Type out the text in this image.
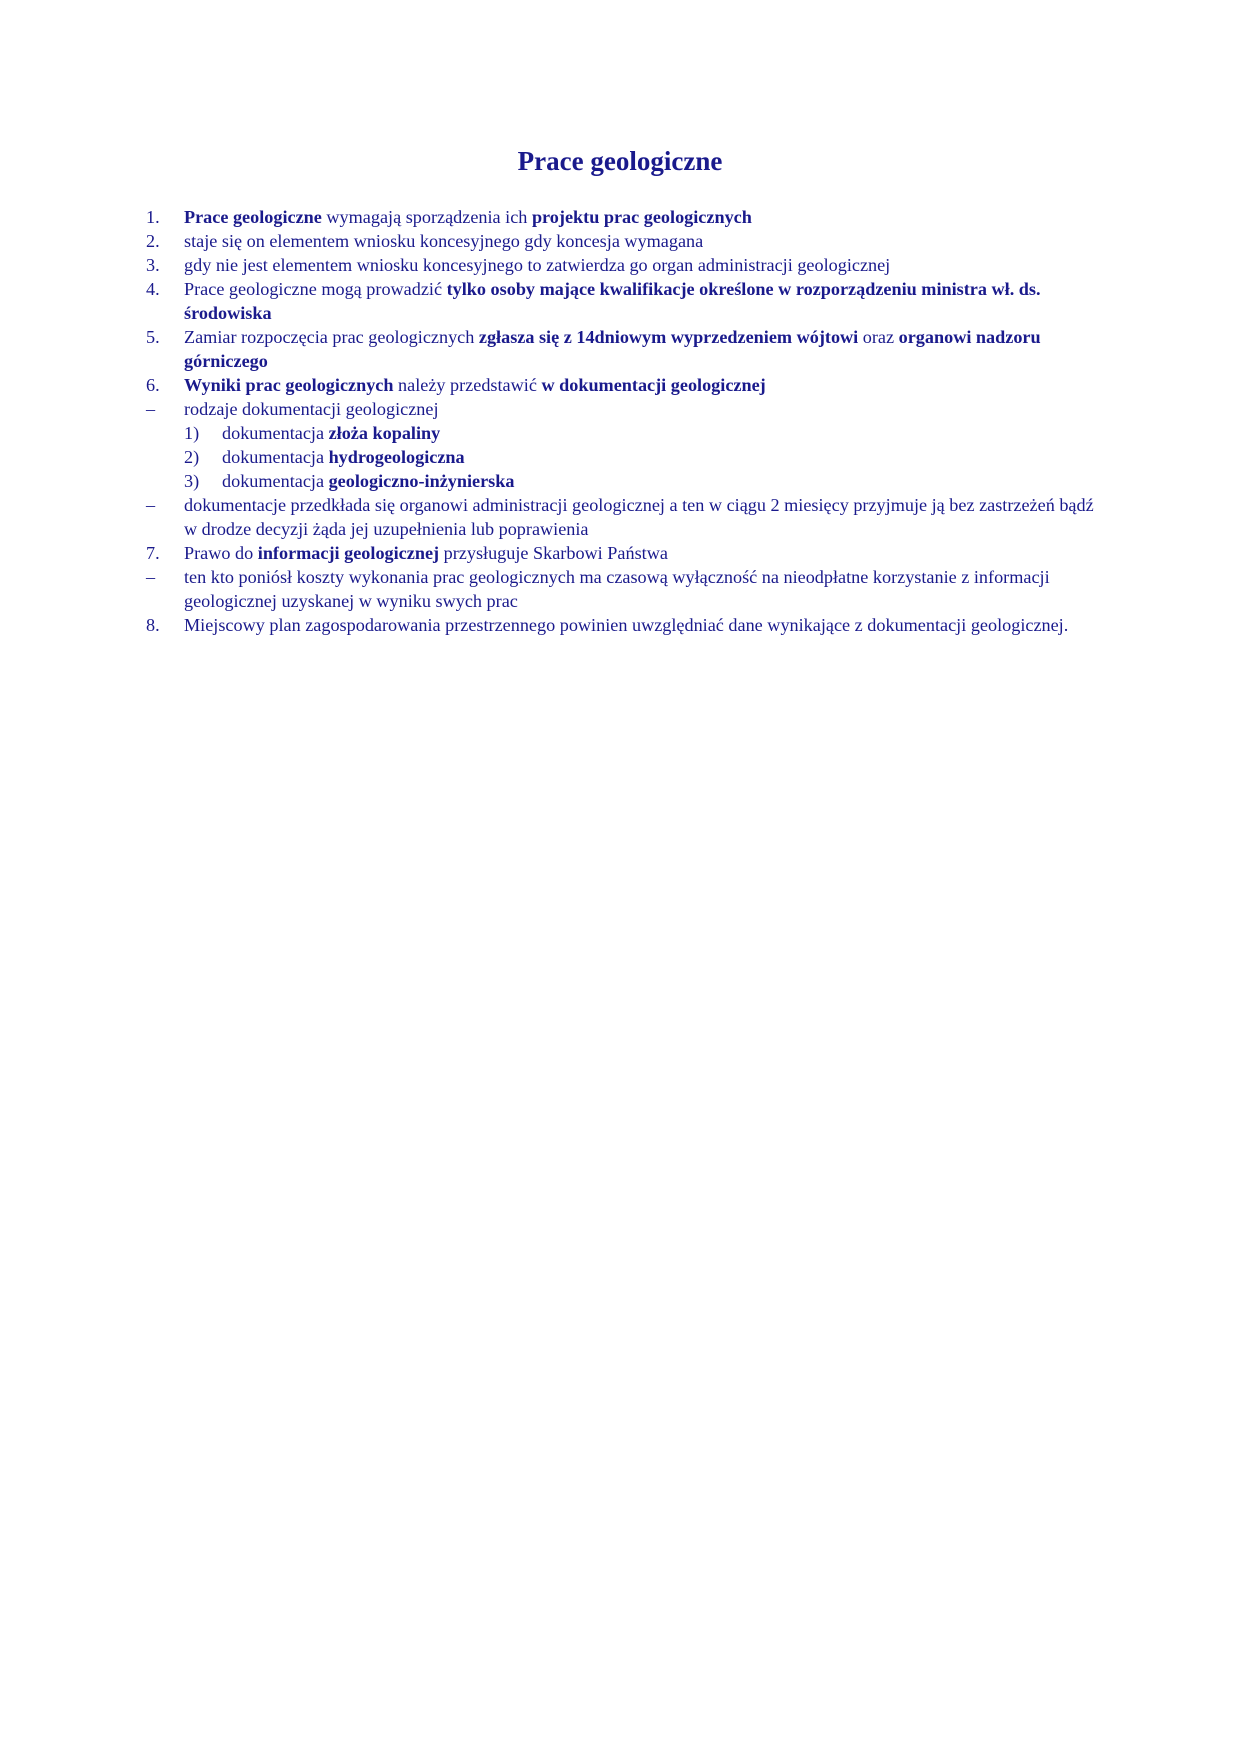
Prace geologiczne
1.	Prace geologiczne wymagają sporządzenia ich projektu prac geologicznych
2.	staje się on elementem wniosku koncesyjnego gdy koncesja wymagana
3.	gdy nie jest elementem wniosku koncesyjnego to zatwierdza go organ administracji geologicznej
4.	Prace geologiczne mogą prowadzić tylko osoby mające kwalifikacje określone w rozporządzeniu ministra wł. ds. środowiska
5.	Zamiar rozpoczęcia prac geologicznych zgłasza się z 14dniowym wyprzedzeniem wójtowi oraz organowi nadzoru górniczego
6.	Wyniki prac geologicznych należy przedstawić w dokumentacji geologicznej
–	rodzaje dokumentacji geologicznej
1) dokumentacja złoża kopaliny
2) dokumentacja hydrogeologiczna
3) dokumentacja geologiczno-inżynierska
–	dokumentacje przedkłada się organowi administracji geologicznej a ten w ciągu 2 miesięcy przyjmuje ją bez zastrzeżeń bądź w drodze decyzji żąda jej uzupełnienia lub poprawienia
7.	Prawo do informacji geologicznej przysługuje Skarbowi Państwa
–	ten kto poniósł koszty wykonania prac geologicznych ma czasową wyłączność na nieodpłatne korzystanie z informacji geologicznej uzyskanej w wyniku swych prac
8.	Miejscowy plan zagospodarowania przestrzennego powinien uwzględniać dane wynikające z dokumentacji geologicznej.
